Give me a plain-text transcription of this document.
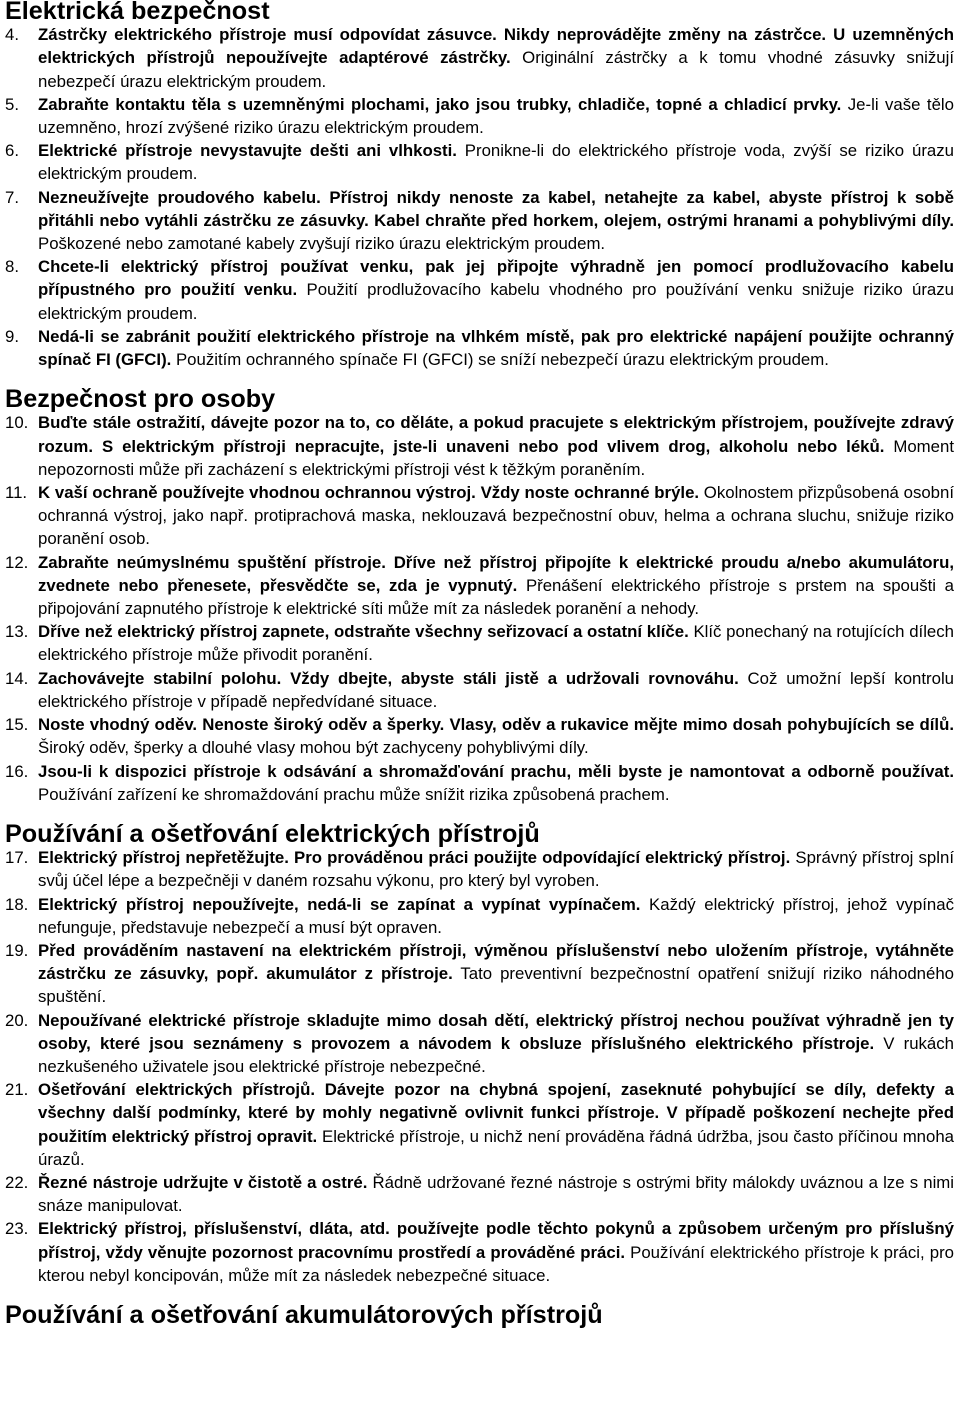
Elektrická bezpečnost
4.	Zástrčky elektrického přístroje musí odpovídat zásuvce. Nikdy neprovádějte změny na zástrčce. U uzemněných elektrických přístrojů nepoužívejte adaptérové zástrčky. Originální zástrčky a k tomu vhodné zásuvky snižují nebezpečí úrazu elektrickým proudem.
5.	Zabraňte kontaktu těla s uzemněnými plochami, jako jsou trubky, chladiče, topné a chladicí prvky. Je-li vaše tělo uzemněno, hrozí zvýšené riziko úrazu elektrickým proudem.
6.	Elektrické přístroje nevystavujte dešti ani vlhkosti. Pronikne-li do elektrického přístroje voda, zvýší se riziko úrazu elektrickým proudem.
7.	Nezneužívejte proudového kabelu. Přístroj nikdy nenoste za kabel, netahejte za kabel, abyste přístroj k sobě přitáhli nebo vytáhli zástrčku ze zásuvky. Kabel chraňte před horkem, olejem, ostrými hranami a pohyblivými díly. Poškozené nebo zamotané kabely zvyšují riziko úrazu elektrickým proudem.
8.	Chcete-li elektrický přístroj používat venku, pak jej připojte výhradně jen pomocí prodlužovacího kabelu přípustného pro použití venku. Použití prodlužovacího kabelu vhodného pro používání venku snižuje riziko úrazu elektrickým proudem.
9.	Nedá-li se zabránit použití elektrického přístroje na vlhkém místě, pak pro elektrické napájení použijte ochranný spínač FI (GFCI). Použitím ochranného spínače FI (GFCI) se sníží nebezpečí úrazu elektrickým proudem.
Bezpečnost pro osoby
10. Buďte stále ostražití, dávejte pozor na to, co děláte, a pokud pracujete s elektrickým přístrojem, používejte zdravý rozum. S elektrickým přístroji nepracujte, jste-li unaveni nebo pod vlivem drog, alkoholu nebo léků. Moment nepozornosti může při zacházení s elektrickými přístroji vést k těžkým poraněním.
11. K vaší ochraně používejte vhodnou ochrannou výstroj. Vždy noste ochranné brýle. Okolnostem přizpůsobená osobní ochranná výstroj, jako např. protiprachová maska, neklouzavá bezpečnostní obuv, helma a ochrana sluchu, snižuje riziko poranění osob.
12. Zabraňte neúmyslnému spuštění přístroje. Dříve než přístroj připojíte k elektrické proudu a/nebo akumulátoru, zvednete nebo přenesete, přesvědčte se, zda je vypnutý. Přenášení elektrického přístroje s prstem na spoušti a připojování zapnutého přístroje k elektrické síti může mít za následek poranění a nehody.
13. Dříve než elektrický přístroj zapnete, odstraňte všechny seřizovací a ostatní klíče. Klíč ponechaný na rotujících dílech elektrického přístroje může přivodit poranění.
14. Zachovávejte stabilní polohu. Vždy dbejte, abyste stáli jistě a udržovali rovnováhu. Což umožní lepší kontrolu elektrického přístroje v případě nepředvídané situace.
15. Noste vhodný oděv. Nenoste široký oděv a šperky. Vlasy, oděv a rukavice mějte mimo dosah pohybujících se dílů. Široký oděv, šperky a dlouhé vlasy mohou být zachyceny pohyblivými díly.
16. Jsou-li k dispozici přístroje k odsávání a shromažďování prachu, měli byste je namontovat a odborně používat. Používání zařízení ke shromaždování prachu může snížit rizika způsobená prachem.
Používání a ošetřování elektrických přístrojů
17. Elektrický přístroj nepřetěžujte. Pro prováděnou práci použijte odpovídající elektrický přístroj. Správný přístroj splní svůj účel lépe a bezpečněji v daném rozsahu výkonu, pro který byl vyroben.
18. Elektrický přístroj nepoužívejte, nedá-li se zapínat a vypínat vypínačem. Každý elektrický přístroj, jehož vypínač nefunguje, představuje nebezpečí a musí být opraven.
19. Před prováděním nastavení na elektrickém přístroji, výměnou příslušenství nebo uložením přístroje, vytáhněte zástrčku ze zásuvky, popř. akumulátor z přístroje. Tato preventivní bezpečnostní opatření snižují riziko náhodného spuštění.
20. Nepoužívané elektrické přístroje skladujte mimo dosah dětí, elektrický přístroj nechou používat výhradně jen ty osoby, které jsou seznámeny s provozem a návodem k obsluze příslušného elektrického přístroje. V rukách nezkušeného uživatele jsou elektrické přístroje nebezpečné.
21. Ošetřování elektrických přístrojů. Dávejte pozor na chybná spojení, zaseknuté pohybující se díly, defekty a všechny další podmínky, které by mohly negativně ovlivnit funkci přístroje. V případě poškození nechejte před použitím elektrický přístroj opravit. Elektrické přístroje, u nichž není prováděna řádná údržba, jsou často příčinou mnoha úrazů.
22. Řezné nástroje udržujte v čistotě a ostré. Řádně udržované řezné nástroje s ostrými břity málokdy uváznou a lze s nimi snáze manipulovat.
23. Elektrický přístroj, příslušenství, dláta, atd. používejte podle těchto pokynů a způsobem určeným pro příslušný přístroj, vždy věnujte pozornost pracovnímu prostředí a prováděné práci. Používání elektrického přístroje k práci, pro kterou nebyl koncipován, může mít za následek nebezpečné situace.
Používání a ošetřování akumulátorových přístrojů
